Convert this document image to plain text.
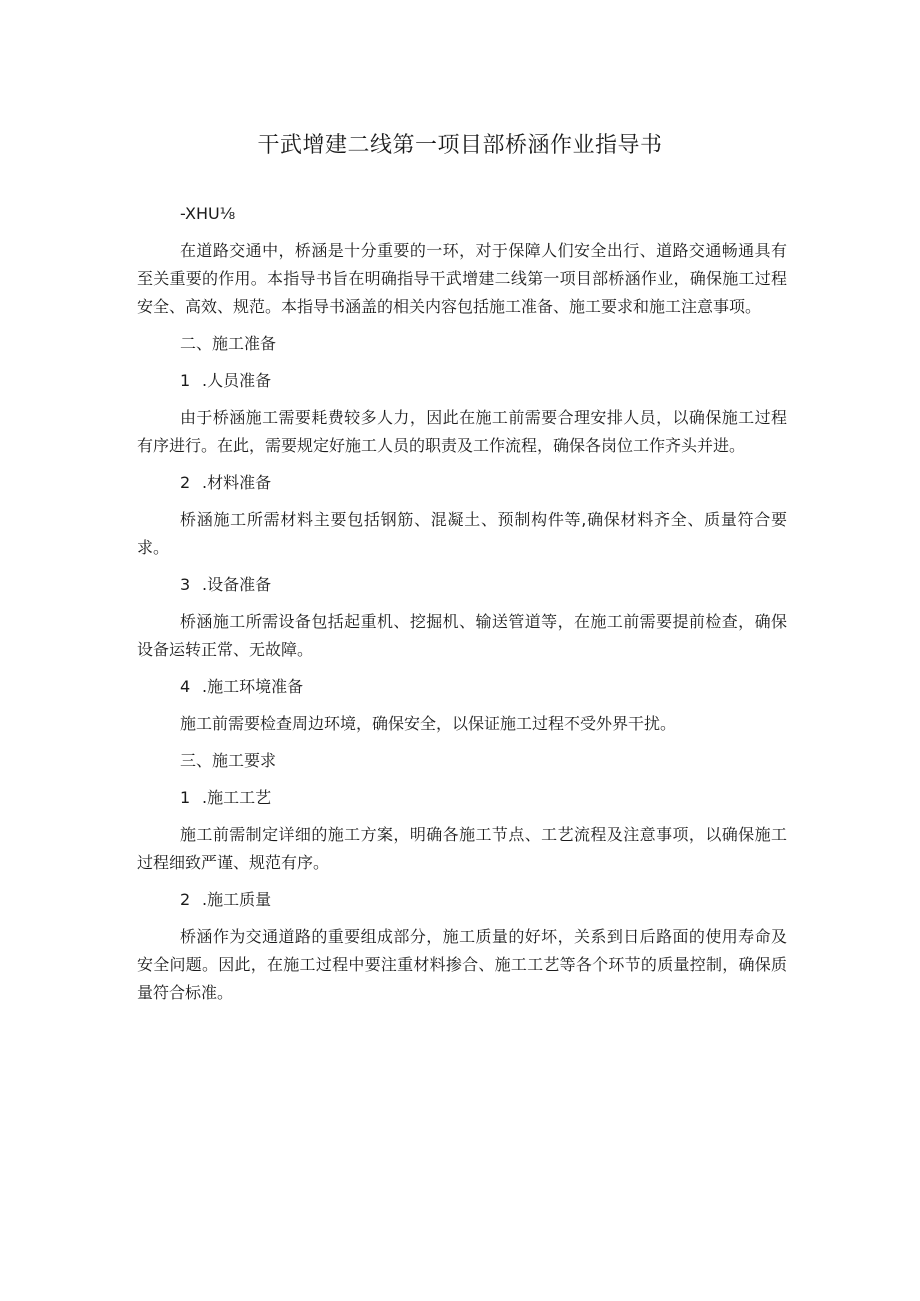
干武增建二线第一项目部桥涵作业指导书
-XHU⅛

在道路交通中，桥涵是十分重要的一环，对于保障人们安全出行、道路交通畅通具有至关重要的作用。本指导书旨在明确指导干武增建二线第一项目部桥涵作业，确保施工过程安全、高效、规范。本指导书涵盖的相关内容包括施工准备、施工要求和施工注意事项。

二、施工准备
1 .人员准备

由于桥涵施工需要耗费较多人力，因此在施工前需要合理安排人员，以确保施工过程有序进行。在此，需要规定好施工人员的职责及工作流程，确保各岗位工作齐头并进。

2 .材料准备

桥涵施工所需材料主要包括钢筋、混凝土、预制构件等,确保材料齐全、质量符合要求。

3 .设备准备

桥涵施工所需设备包括起重机、挖掘机、输送管道等，在施工前需要提前检查，确保设备运转正常、无故障。

4 .施工环境准备

施工前需要检查周边环境，确保安全，以保证施工过程不受外界干扰。

三、施工要求
1 .施工工艺

施工前需制定详细的施工方案，明确各施工节点、工艺流程及注意事项，以确保施工过程细致严谨、规范有序。

2 .施工质量

桥涵作为交通道路的重要组成部分，施工质量的好坏，关系到日后路面的使用寿命及安全问题。因此，在施工过程中要注重材料掺合、施工工艺等各个环节的质量控制，确保质量符合标准。
